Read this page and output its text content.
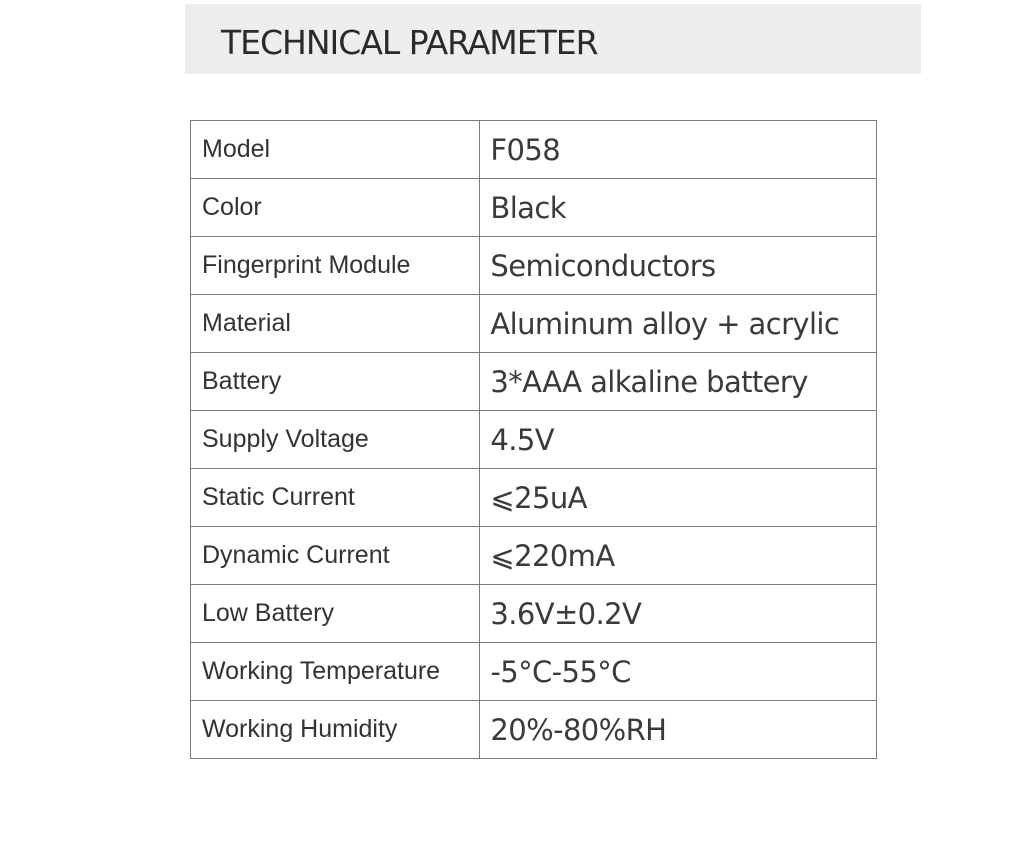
TECHNICAL PARAMETER
Model	F058
Color	Black
Fingerprint Module	Semiconductors
Material	Aluminum alloy + acrylic
Battery	3*AAA alkaline battery
Supply Voltage	4.5V
Static Current	⩽25uA
Dynamic Current	⩽220mA
Low Battery	3.6V±0.2V
Working Temperature	-5°C-55°C
Working Humidity	20%-80%RH
